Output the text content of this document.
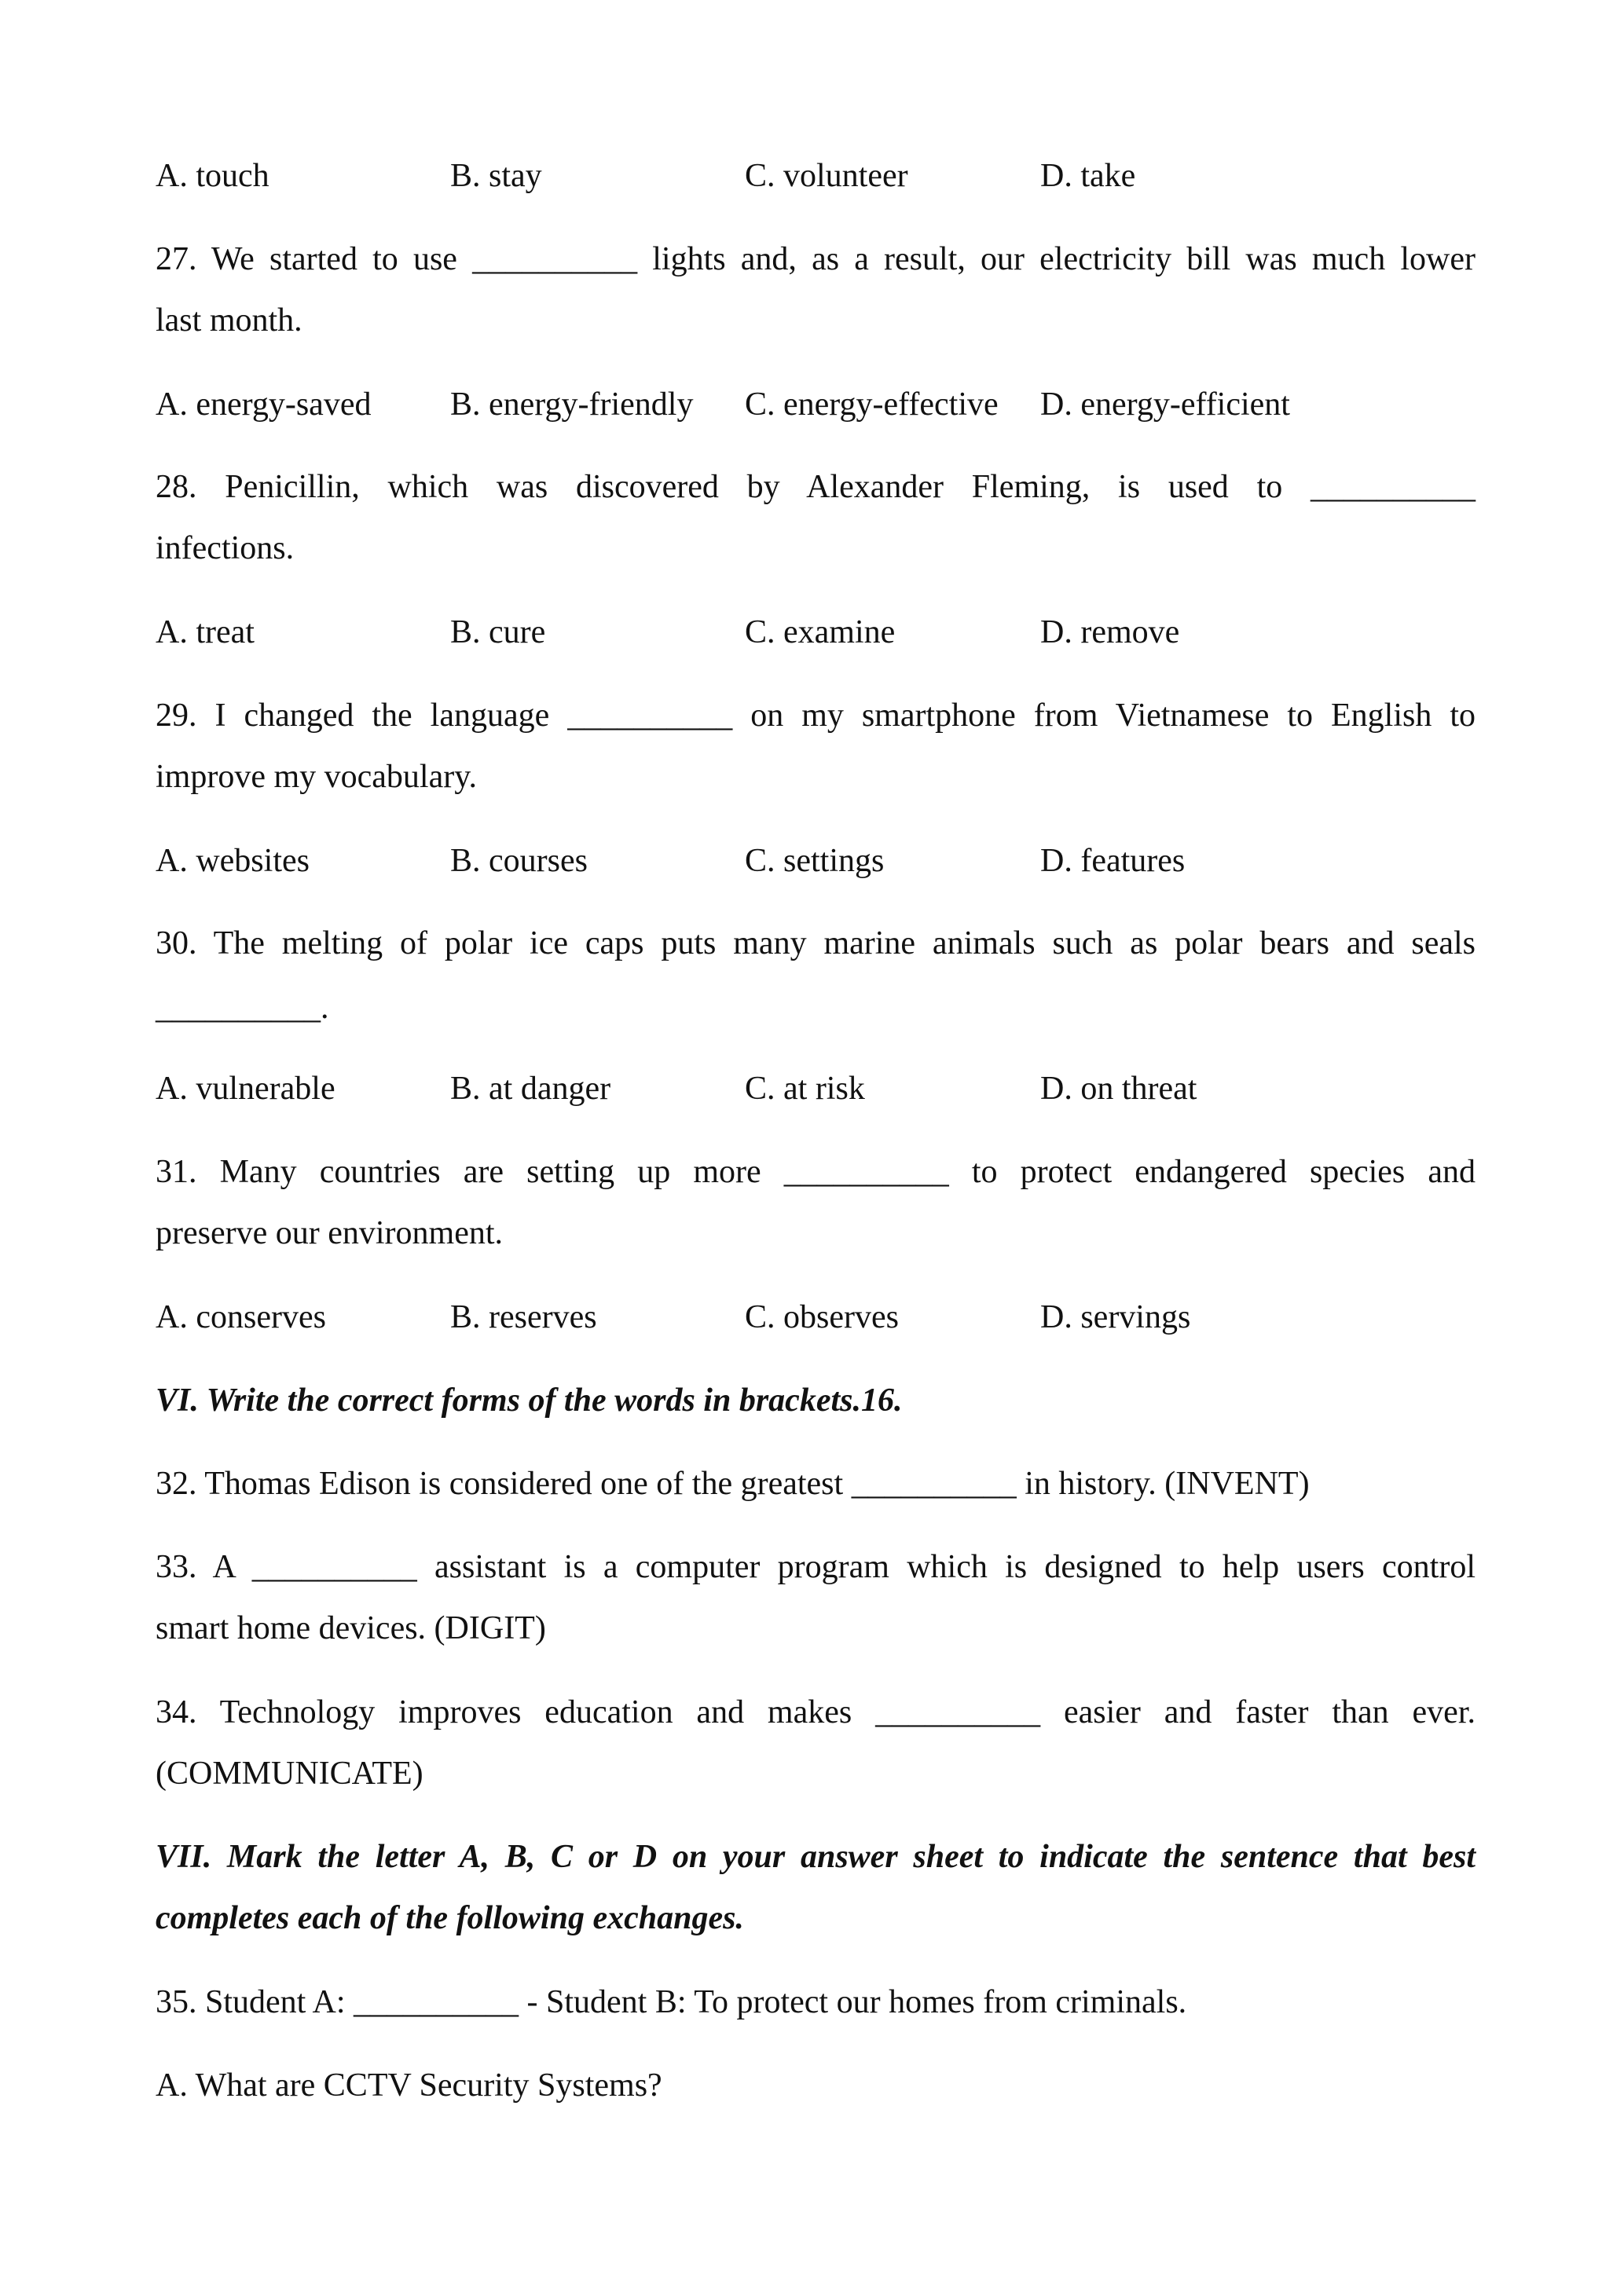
A. touch	B. stay	C. volunteer	D. take
27. We started to use __________ lights and, as a result, our electricity bill was much lower
last month.
A. energy-saved B. energy-friendly C. energy-effective D. energy-efficient
28. Penicillin, which was discovered by Alexander Fleming, is used to __________
infections.
A. treat	B. cure	C. examine	D. remove
29. I changed the language __________ on my smartphone from Vietnamese to English to
improve my vocabulary.
A. websites	B. courses	C. settings	D. features
30. The melting of polar ice caps puts many marine animals such as polar bears and seals
__________.
A. vulnerable	B. at danger	C. at risk	D. on threat
31. Many countries are setting up more __________ to protect endangered species and
preserve our environment.
A. conserves	B. reserves	C. observes	D. servings
VI. Write the correct forms of the words in brackets.16.
32. Thomas Edison is considered one of the greatest __________ in history. (INVENT)
33. A __________ assistant is a computer program which is designed to help users control
smart home devices. (DIGIT)
34. Technology improves education and makes __________ easier and faster than ever.
(COMMUNICATE)
VII. Mark the letter A, B, C or D on your answer sheet to indicate the sentence that best
completes each of the following exchanges.
35. Student A: __________ - Student B: To protect our homes from criminals.
A. What are CCTV Security Systems?
